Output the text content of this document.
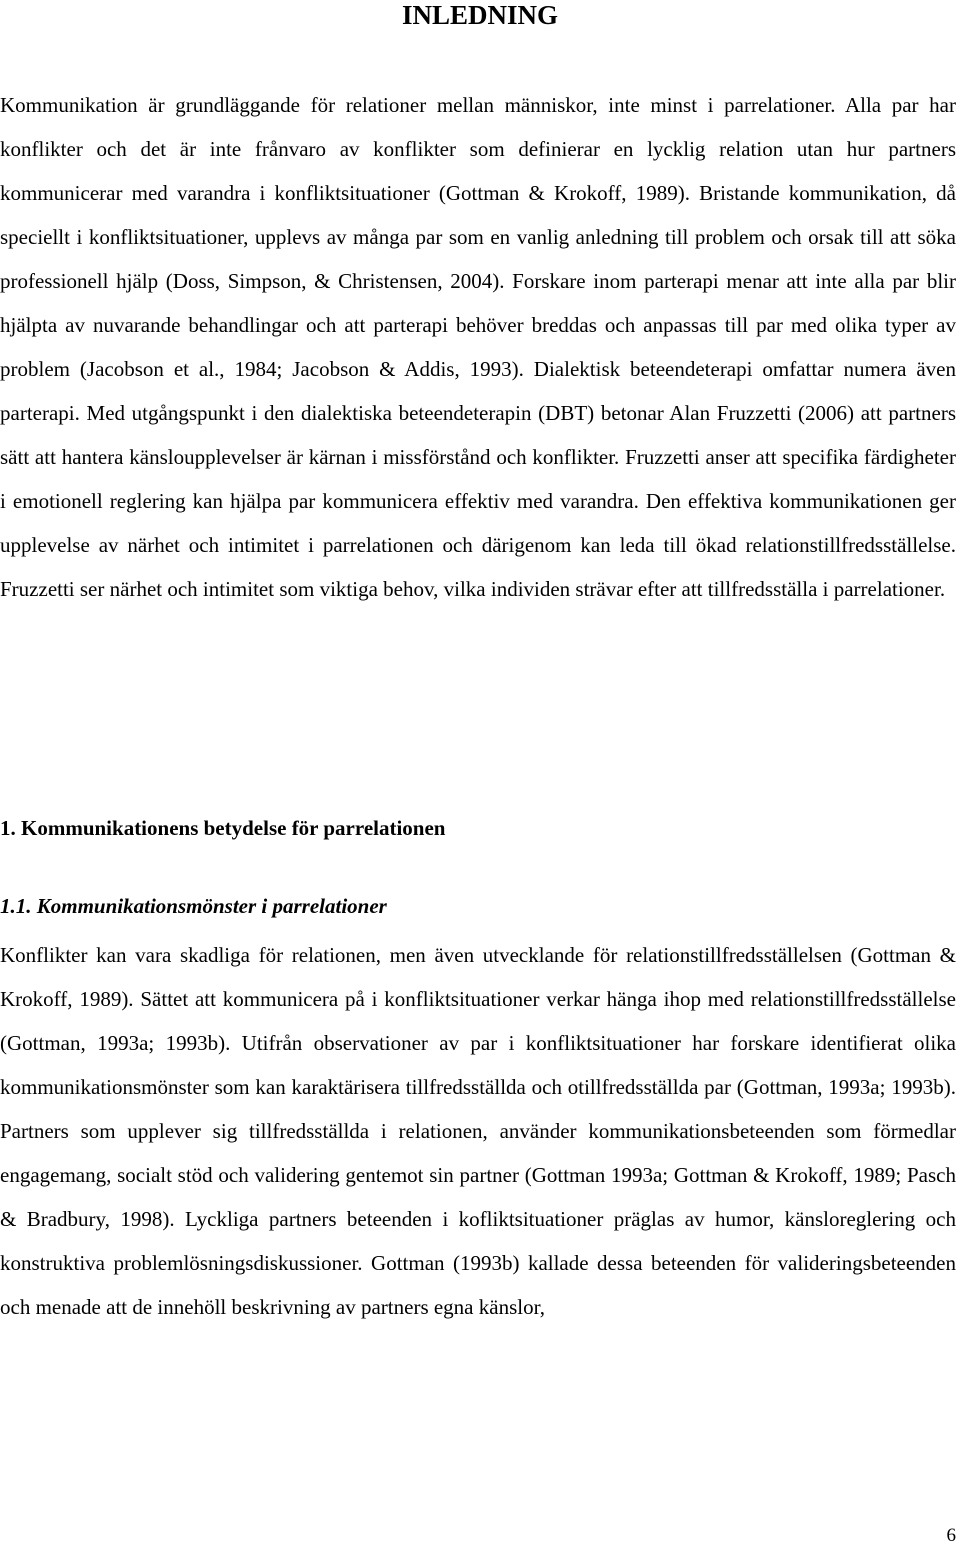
INLEDNING

Kommunikation är grundläggande för relationer mellan människor, inte minst i parrelationer. Alla par har konflikter och det är inte frånvaro av konflikter som definierar en lycklig relation utan hur partners kommunicerar med varandra i konfliktsituationer (Gottman & Krokoff, 1989). Bristande kommunikation, då speciellt i konfliktsituationer, upplevs av många par som en vanlig anledning till problem och orsak till att söka professionell hjälp (Doss, Simpson, & Christensen, 2004). Forskare inom parterapi menar att inte alla par blir hjälpta av nuvarande behandlingar och att parterapi behöver breddas och anpassas till par med olika typer av problem (Jacobson et al., 1984; Jacobson & Addis, 1993). Dialektisk beteendeterapi omfattar numera även parterapi. Med utgångspunkt i den dialektiska beteendeterapin (DBT) betonar Alan Fruzzetti (2006) att partners sätt att hantera känsloupplevelser är kärnan i missförstånd och konflikter. Fruzzetti anser att specifika färdigheter i emotionell reglering kan hjälpa par kommunicera effektiv med varandra. Den effektiva kommunikationen ger upplevelse av närhet och intimitet i parrelationen och därigenom kan leda till ökad relationstillfredsställelse. Fruzzetti ser närhet och intimitet som viktiga behov, vilka individen strävar efter att tillfredsställa i parrelationer.

1. Kommunikationens betydelse för parrelationen
1.1. Kommunikationsmönster i parrelationer

Konflikter kan vara skadliga för relationen, men även utvecklande för relationstillfredsställelsen (Gottman & Krokoff, 1989). Sättet att kommunicera på i konfliktsituationer verkar hänga ihop med relationstillfredsställelse (Gottman, 1993a; 1993b). Utifrån observationer av par i konfliktsituationer har forskare identifierat olika kommunikationsmönster som kan karaktärisera tillfredsställda och otillfredsställda par (Gottman, 1993a; 1993b). Partners som upplever sig tillfredsställda i relationen, använder kommunikationsbeteenden som förmedlar engagemang, socialt stöd och validering gentemot sin partner (Gottman 1993a; Gottman & Krokoff, 1989; Pasch & Bradbury, 1998). Lyckliga partners beteenden i kofliktsituationer präglas av humor, känsloreglering och konstruktiva problemlösningsdiskussioner. Gottman (1993b) kallade dessa beteenden för valideringsbeteenden och menade att de innehöll beskrivning av partners egna känslor,

6
